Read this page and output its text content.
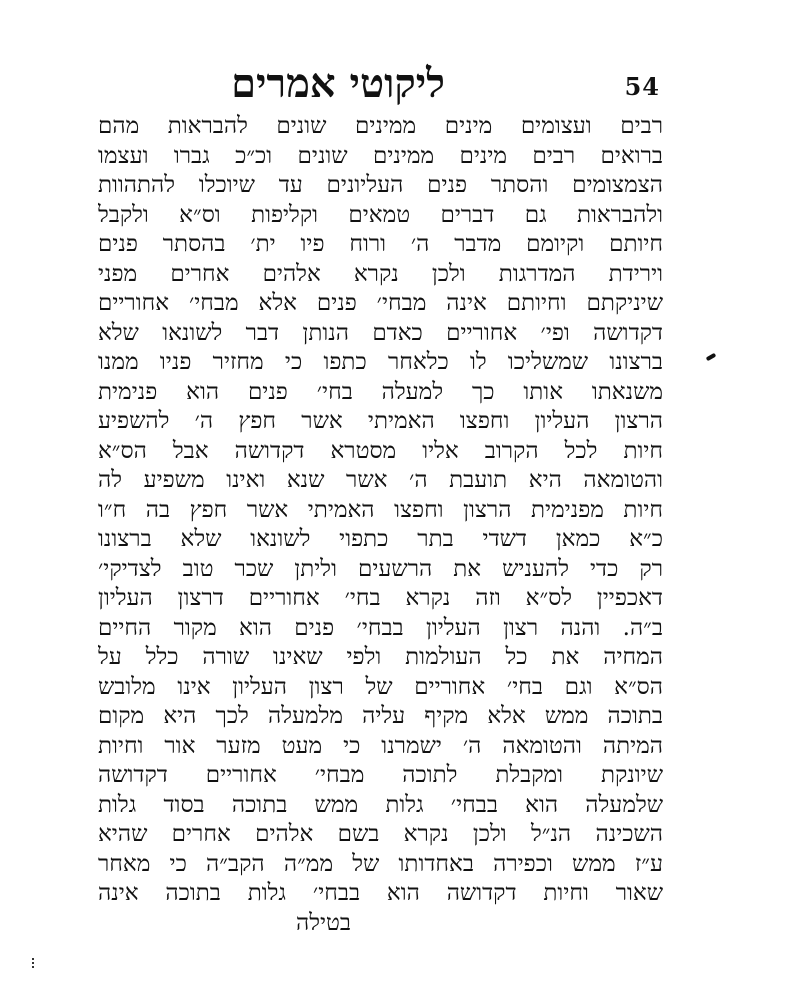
ליקוטי אמרים	54
רבים ועצומים מינים ממינים שונים להבראות מהם
ברואים רבים מינים ממינים שונים וכ״כ גברו ועצמו
הצמצומים והסתר פנים העליונים עד שיוכלו להתהוות
ולהבראות גם דברים טמאים וקליפות וס״א ולקבל
חיותם וקיומם מדבר ה׳ ורוח פיו ית׳ בהסתר פנים
וירידת המדרגות ולכן נקרא אלהים אחרים מפני
שיניקתם וחיותם אינה מבחי׳ פנים אלא מבחי׳ אחוריים
דקדושה ופי׳ אחוריים כאדם הנותן דבר לשונאו שלא
ברצונו שמשליכו לו כלאחר כתפו כי מחזיר פניו ממנו
משנאתו אותו כך למעלה בחי׳ פנים הוא פנימית
הרצון העליון וחפצו האמיתי אשר חפץ ה׳ להשפיע
חיות לכל הקרוב אליו מסטרא דקדושה אבל הס״א
והטומאה היא תועבת ה׳ אשר שנא ואינו משפיע לה
חיות מפנימית הרצון וחפצו האמיתי אשר חפץ בה ח״ו
כ״א כמאן דשדי בתר כתפוי לשונאו שלא ברצונו
רק כדי להעניש את הרשעים וליתן שכר טוב לצדיקי׳
דאכפיין לס״א וזה נקרא בחי׳ אחוריים דרצון העליון
ב״ה. והנה רצון העליון בבחי׳ פנים הוא מקור החיים
המחיה את כל העולמות ולפי שאינו שורה כלל על
הס״א וגם בחי׳ אחוריים של רצון העליון אינו מלובש
בתוכה ממש אלא מקיף עליה מלמעלה לכך היא מקום
המיתה והטומאה ה׳ ישמרנו כי מעט מזער אור וחיות
שיונקת ומקבלת לתוכה מבחי׳ אחוריים דקדושה
שלמעלה הוא בבחי׳ גלות ממש בתוכה בסוד גלות
השכינה הנ״ל ולכן נקרא בשם אלהים אחרים שהיא
ע״ז ממש וכפירה באחדותו של ממ״ה הקב״ה כי מאחר
שאור וחיות דקדושה הוא בבחי׳ גלות בתוכה אינה
בטילה
